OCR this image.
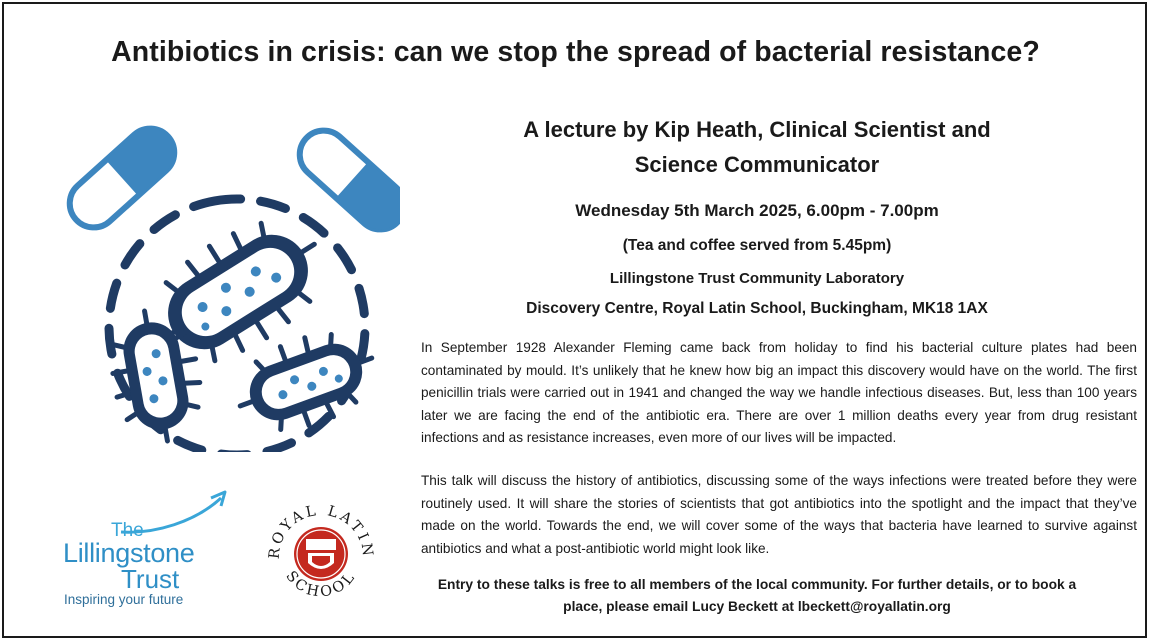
Antibiotics in crisis: can we stop the spread of bacterial resistance?
A lecture by Kip Heath, Clinical Scientist and
Science Communicator
Wednesday 5th March 2025, 6.00pm - 7.00pm
(Tea and coffee served from 5.45pm)
Lillingstone Trust Community Laboratory
Discovery Centre, Royal Latin School, Buckingham, MK18 1AX

In September 1928 Alexander Fleming came back from holiday to find his bacterial culture plates had been contaminated by mould. It’s unlikely that he knew how big an impact this discovery would have on the world. The first penicillin trials were carried out in 1941 and changed the way we handle infectious diseases. But, less than 100 years later we are facing the end of the antibiotic era. There are over 1 million deaths every year from drug resistant infections and as resistance increases, even more of our lives will be impacted.

This talk will discuss the history of antibiotics, discussing some of the ways infections were treated before they were routinely used. It will share the stories of scientists that got antibiotics into the spotlight and the impact that they’ve made on the world. Towards the end, we will cover some of the ways that bacteria have learned to survive against antibiotics and what a post-antibiotic world might look like.

Entry to these talks is free to all members of the local community. For further details, or to book a
place, please email Lucy Beckett at lbeckett@royallatin.org
The
Lillingstone
Trust
Inspiring your future
ROYAL LATIN
SCHOOL
